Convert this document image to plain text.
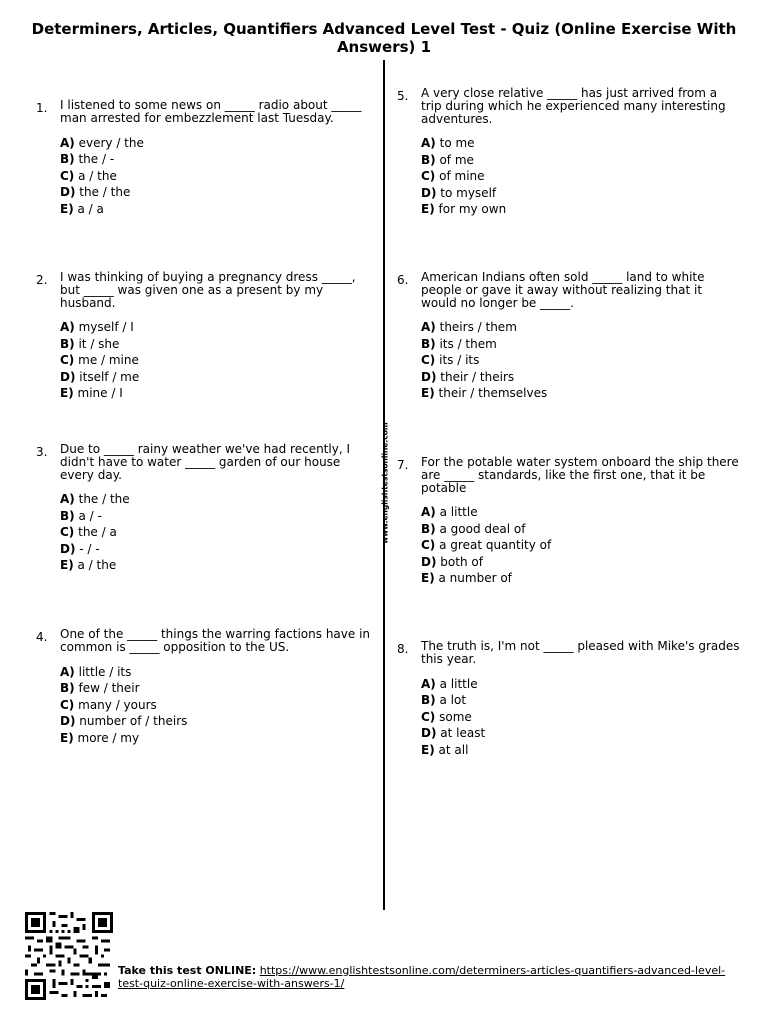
Determiners, Articles, Quantifiers Advanced Level Test - Quiz (Online Exercise With Answers) 1
www.englishtestsonline.com
1. I listened to some news on _____ radio about _____ man arrested for embezzlement last Tuesday.

A) every / the
B) the / -
C) a / the
D) the / the
E) a / a
2. I was thinking of buying a pregnancy dress _____, but _____ was given one as a present by my husband.

A) myself / I
B) it / she
C) me / mine
D) itself / me
E) mine / I
3. Due to _____ rainy weather we've had recently, I didn't have to water _____ garden of our house every day.

A) the / the
B) a / -
C) the / a
D) - / -
E) a / the
4. One of the _____ things the warring factions have in common is _____ opposition to the US.

A) little / its
B) few / their
C) many / yours
D) number of / theirs
E) more / my
5. A very close relative _____ has just arrived from a trip during which he experienced many interesting adventures.

A) to me
B) of me
C) of mine
D) to myself
E) for my own
6. American Indians often sold _____ land to white people or gave it away without realizing that it would no longer be _____.

A) theirs / them
B) its / them
C) its / its
D) their / theirs
E) their / themselves
7. For the potable water system onboard the ship there are _____ standards, like the first one, that it be potable

A) a little
B) a good deal of
C) a great quantity of
D) both of
E) a number of
8. The truth is, I'm not _____ pleased with Mike's grades this year.

A) a little
B) a lot
C) some
D) at least
E) at all
Take this test ONLINE: https://www.englishtestsonline.com/determiners-articles-quantifiers-advanced-level-test-quiz-online-exercise-with-answers-1/
